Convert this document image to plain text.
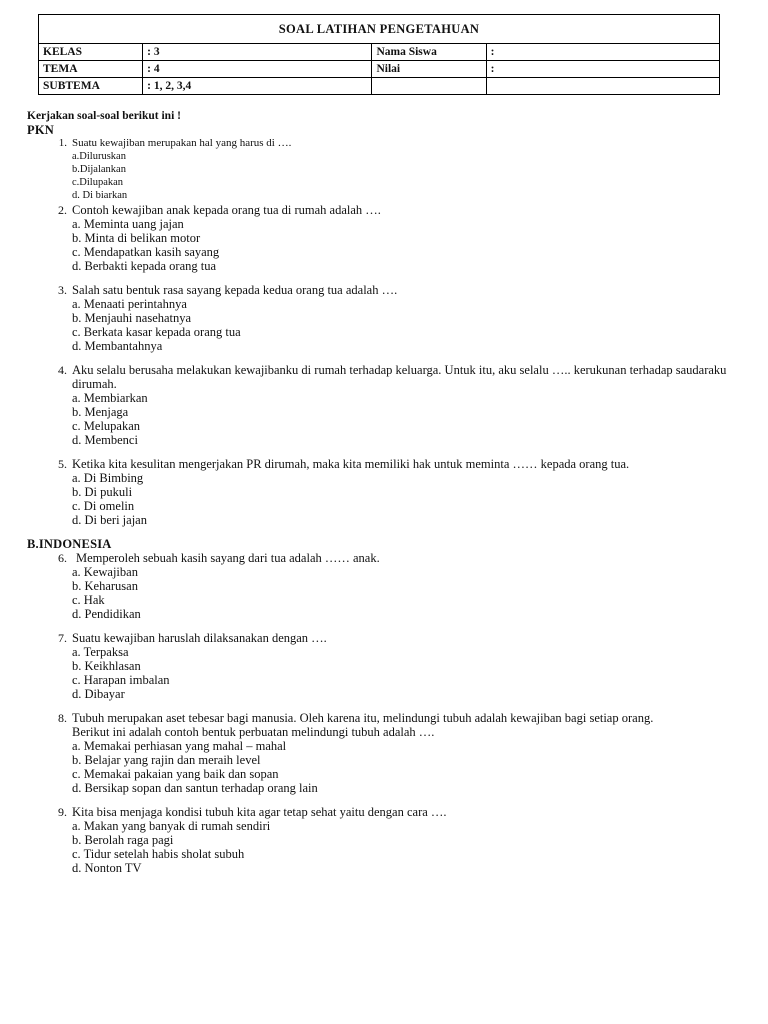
SOAL LATIHAN PENGETAHUAN			
KELAS	: 3	Nama Siswa	:
TEMA	: 4	Nilai	:
SUBTEMA	: 1, 2, 3,4		
Kerjakan soal-soal berikut ini !
PKN
1. Suatu kewajiban merupakan hal yang harus di ….
a.Diluruskan
b.Dijalankan
c.Dilupakan
d. Di biarkan
2. Contoh kewajiban anak kepada orang tua di rumah adalah ….
a. Meminta uang jajan
b. Minta di belikan motor
c. Mendapatkan kasih sayang
d. Berbakti kepada orang tua
3. Salah satu bentuk rasa sayang kepada kedua orang tua adalah ….
a. Menaati perintahnya
b. Menjauhi nasehatnya
c. Berkata kasar kepada orang tua
d. Membantahnya
4. Aku selalu berusaha melakukan kewajibanku di rumah terhadap keluarga. Untuk itu, aku selalu ….. kerukunan terhadap saudaraku dirumah.
a. Membiarkan
b. Menjaga
c. Melupakan
d. Membenci
5. Ketika kita kesulitan mengerjakan PR dirumah, maka kita memiliki hak untuk meminta …… kepada orang tua.
a. Di Bimbing
b. Di pukuli
c. Di omelin
d. Di beri jajan
B.INDONESIA
6. Memperoleh sebuah kasih sayang dari tua adalah …… anak.
a. Kewajiban
b. Keharusan
c. Hak
d. Pendidikan
7. Suatu kewajiban haruslah dilaksanakan dengan ….
a. Terpaksa
b. Keikhlasan
c. Harapan imbalan
d. Dibayar
8. Tubuh merupakan aset tebesar bagi manusia. Oleh karena itu, melindungi tubuh adalah kewajiban bagi setiap orang.
Berikut ini adalah contoh bentuk perbuatan melindungi tubuh adalah ….
a. Memakai perhiasan yang mahal – mahal
b. Belajar yang rajin dan meraih level
c. Memakai pakaian yang baik dan sopan
d. Bersikap sopan dan santun terhadap orang lain
9. Kita bisa menjaga kondisi tubuh kita agar tetap sehat yaitu dengan cara ….
a. Makan yang banyak di rumah sendiri
b. Berolah raga pagi
c. Tidur setelah habis sholat subuh
d. Nonton TV
